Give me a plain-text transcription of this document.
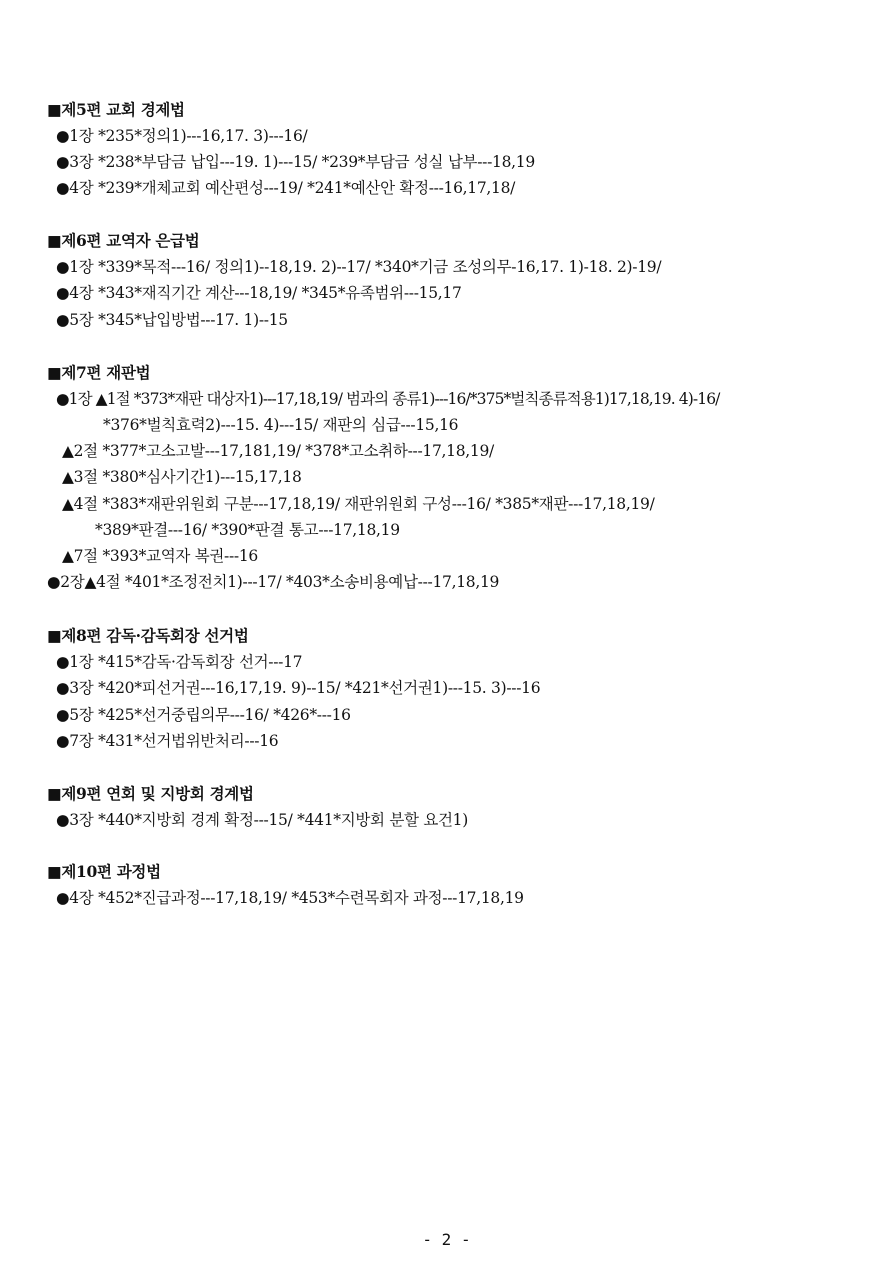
■제5편 교회 경제법
●1장 *235*정의1)---16,17. 3)---16/
●3장 *238*부담금 납입---19. 1)---15/ *239*부담금 성실 납부---18,19
●4장 *239*개체교회 예산편성---19/ *241*예산안 확정---16,17,18/
■제6편 교역자 은급법
●1장 *339*목적---16/ 정의1)--18,19. 2)--17/ *340*기금 조성의무-16,17. 1)-18. 2)-19/
●4장 *343*재직기간 계산---18,19/ *345*유족범위---15,17
●5장 *345*납입방법---17. 1)--15
■제7편 재판법
●1장 ▲1절 *373*재판 대상자1)---17,18,19/ 범과의 종류1)---16/*375*벌칙종류적용1)17,18,19. 4)-16/
*376*벌칙효력2)---15. 4)---15/ 재판의 심급---15,16
▲2절 *377*고소고발---17,181,19/ *378*고소취하---17,18,19/
▲3절 *380*심사기간1)---15,17,18
▲4절 *383*재판위원회 구분---17,18,19/ 재판위원회 구성---16/ *385*재판---17,18,19/
*389*판결---16/ *390*판결 통고---17,18,19
▲7절 *393*교역자 복권---16
●2장▲4절 *401*조정전치1)---17/ *403*소송비용예납---17,18,19
■제8편 감독·감독회장 선거법
●1장 *415*감독·감독회장 선거---17
●3장 *420*피선거권---16,17,19. 9)--15/ *421*선거권1)---15. 3)---16
●5장 *425*선거중립의무---16/ *426*---16
●7장 *431*선거법위반처리---16
■제9편 연회 및 지방회 경계법
●3장 *440*지방회 경계 확정---15/ *441*지방회 분할 요건1)
■제10편 과정법
●4장 *452*진급과정---17,18,19/ *453*수련목회자 과정---17,18,19
- 2 -
